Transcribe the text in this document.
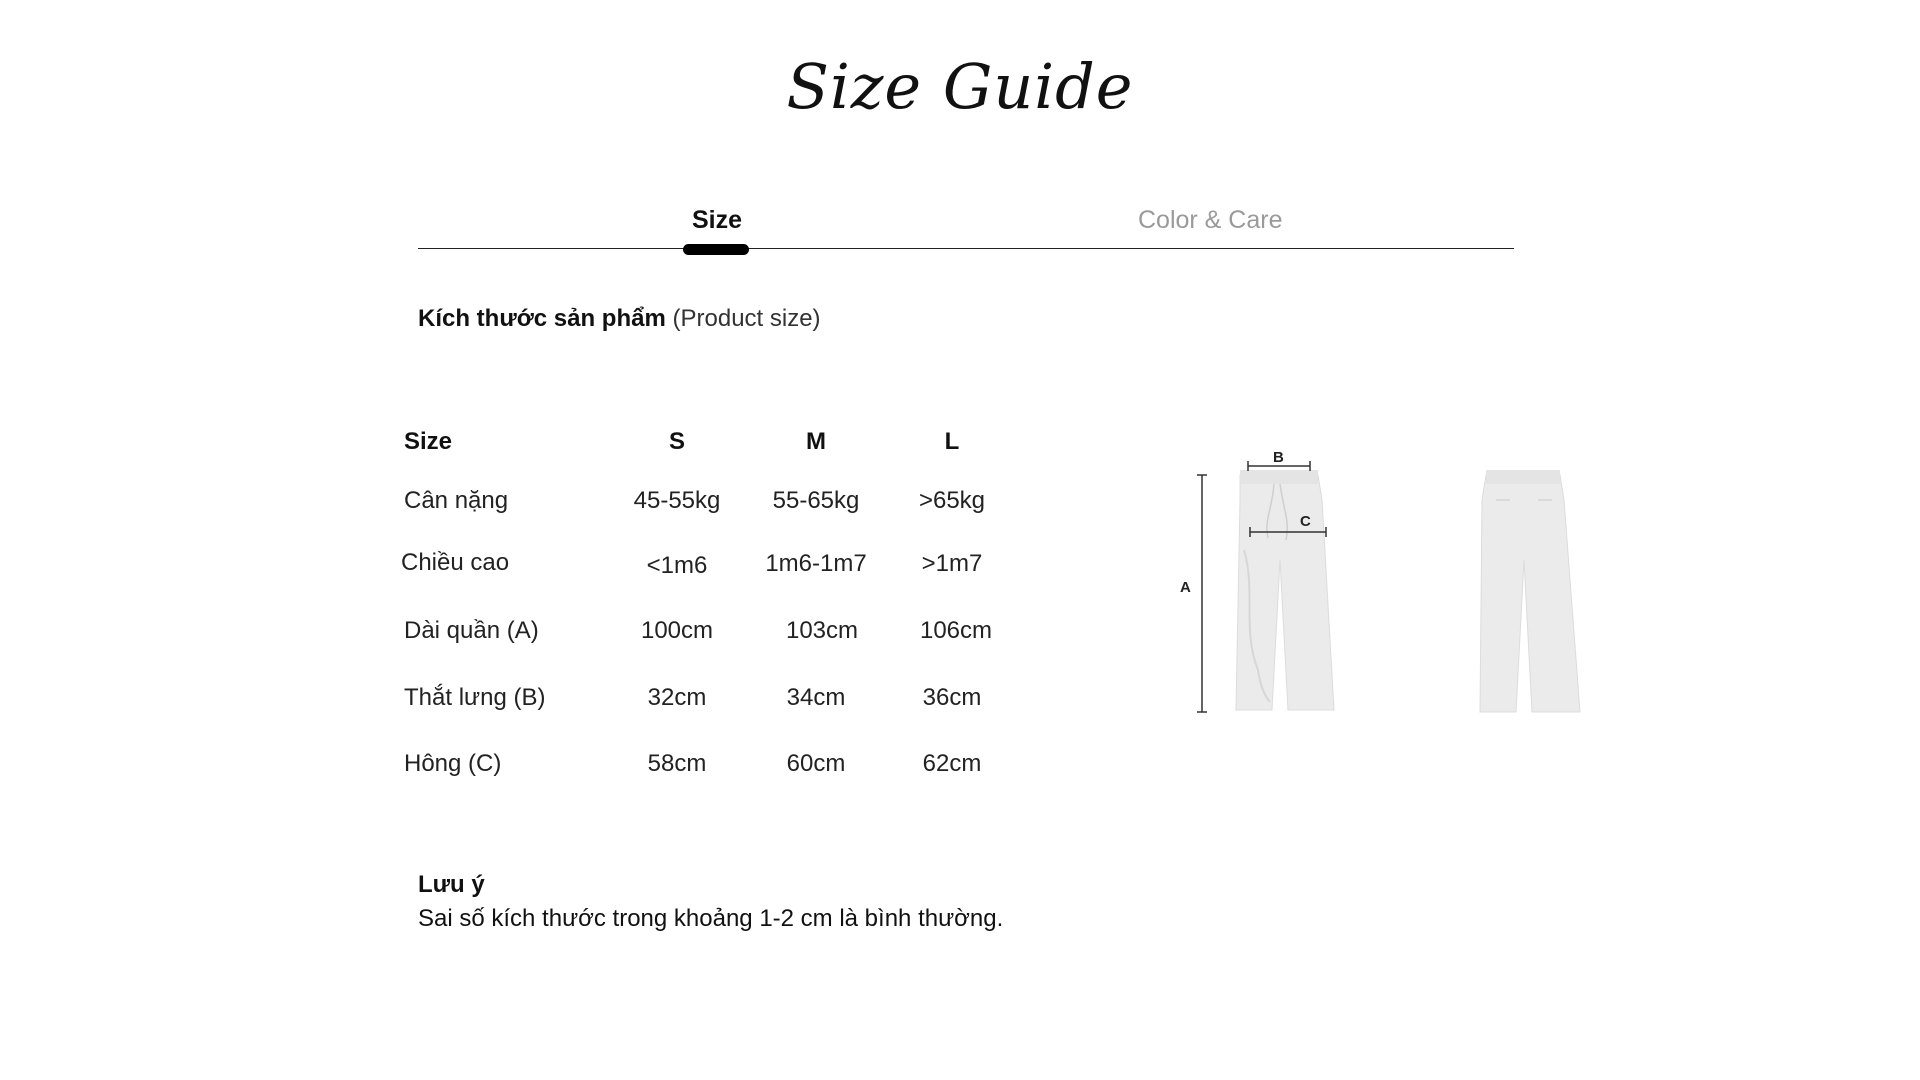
Size Guide
Size	Color & Care
Kích thước sản phẩm (Product size)
Size	S	M	L
Cân nặng	45-55kg	55-65kg	>65kg
Chiều cao	<1m6	1m6-1m7	>1m7
Dài quần (A)	100cm	103cm	106cm
Thắt lưng (B)	32cm	34cm	36cm
Hông (C)	58cm	60cm	62cm
A
B
C
Lưu ý
Sai số kích thước trong khoảng 1-2 cm là bình thường.
